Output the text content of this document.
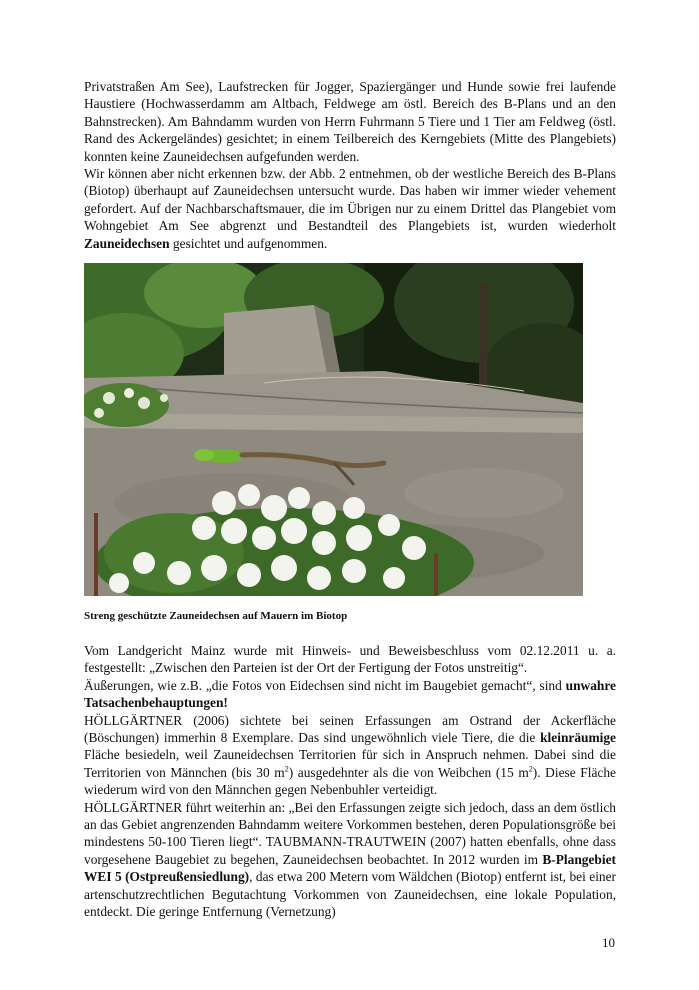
Privatstraßen Am See), Laufstrecken für Jogger, Spaziergänger und Hunde sowie frei laufende Haustiere (Hochwasserdamm am Altbach, Feldwege am östl. Bereich des B-Plans und an den Bahnstrecken). Am Bahndamm wurden von Herrn Fuhrmann 5 Tiere und 1 Tier am Feldweg (östl. Rand des Ackergeländes) gesichtet; in einem Teilbereich des Kerngebiets (Mitte des Plangebiets) konnten keine Zauneidechsen aufgefunden werden.

Wir können aber nicht erkennen bzw. der Abb. 2 entnehmen, ob der westliche Bereich des B-Plans (Biotop) überhaupt auf Zauneidechsen untersucht wurde. Das haben wir immer wieder vehement gefordert. Auf der Nachbarschaftsmauer, die im Übrigen nur zu einem Drittel das Plangebiet vom Wohngebiet Am See abgrenzt und Bestandteil des Plangebiets ist, wurden wiederholt Zauneidechsen gesichtet und aufgenommen.

Streng geschützte Zauneidechsen auf Mauern im Biotop

Vom Landgericht Mainz wurde mit Hinweis- und Beweisbeschluss vom 02.12.2011 u. a. festgestellt: „Zwischen den Parteien ist der Ort der Fertigung der Fotos unstreitig“.

Äußerungen, wie z.B. „die Fotos von Eidechsen sind nicht im Baugebiet gemacht“, sind unwahre Tatsachenbehauptungen!

HÖLLGÄRTNER (2006) sichtete bei seinen Erfassungen am Ostrand der Ackerfläche (Böschungen) immerhin 8 Exemplare. Das sind ungewöhnlich viele Tiere, die die kleinräumige Fläche besiedeln, weil Zauneidechsen Territorien für sich in Anspruch nehmen. Dabei sind die Territorien von Männchen (bis 30 $m^2$) ausgedehnter als die von Weibchen (15 $m^2$). Diese Fläche wiederum wird von den Männchen gegen Nebenbuhler verteidigt.

HÖLLGÄRTNER führt weiterhin an: „Bei den Erfassungen zeigte sich jedoch, dass an dem östlich an das Gebiet angrenzenden Bahndamm weitere Vorkommen bestehen, deren Populationsgröße bei mindestens 50-100 Tieren liegt“. TAUBMANN-TRAUTWEIN (2007) hatten ebenfalls, ohne dass vorgesehene Baugebiet zu begehen, Zauneidechsen beobachtet. In 2012 wurden im B-Plangebiet WEI 5 (Ostpreußensiedlung), das etwa 200 Metern vom Wäldchen (Biotop) entfernt ist, bei einer artenschutzrechtlichen Begutachtung Vorkommen von Zauneidechsen, eine lokale Population, entdeckt. Die geringe Entfernung (Vernetzung)

10
